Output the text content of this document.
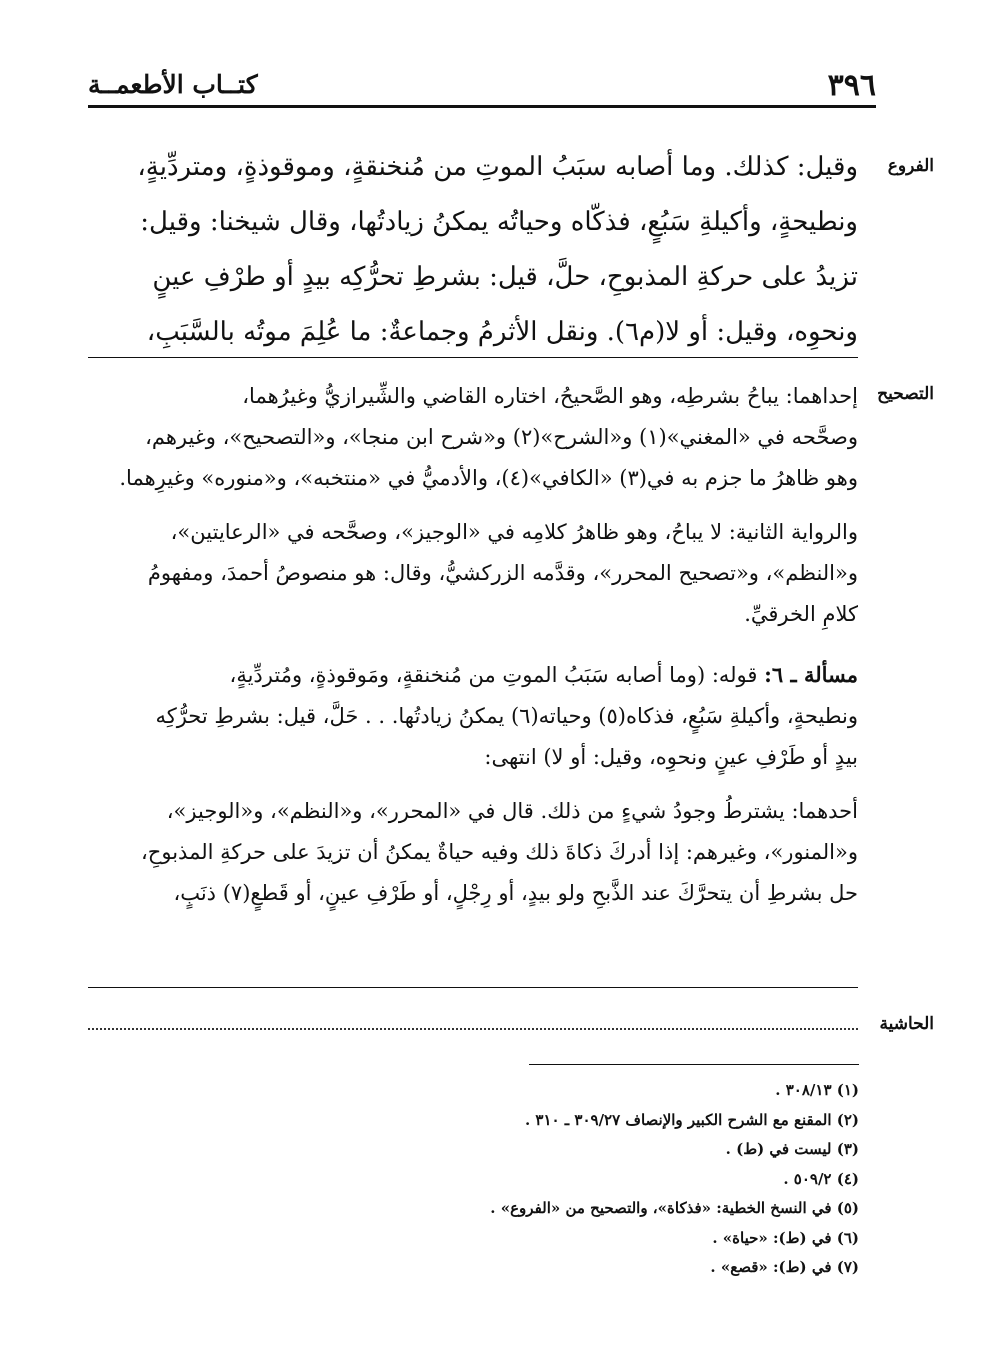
٣٩٦
كتــاب الأطعمــة
الفروع
وقيل: كذلك. وما أصابه سبَبُ الموتِ من مُنخنقةٍ، وموقوذةٍ، ومتردِّيةٍ،
ونطيحةٍ، وأكيلةِ سَبُعٍ، فذكّاه وحياتُه يمكنُ زيادتُها، وقال شيخنا: وقيل:
تزيدُ على حركةِ المذبوحِ، حلَّ، قيل: بشرطِ تحرُّكِه بيدٍ أو طرْفِ عينٍ
ونحوِه، وقيل: أو لا(م٦). ونقل الأثرمُ وجماعةٌ: ما عُلِمَ موتُه بالسَّبَبِ،
التصحيح

إحداهما: يباحُ بشرطِه، وهو الصَّحيحُ، اختاره القاضي والشِّيرازيُّ وغيرُهما،
وصحَّحه في «المغني»(١) و«الشرح»(٢) و«شرح ابن منجا»، و«التصحيح»، وغيرهم،
وهو ظاهرُ ما جزم به في(٣) «الكافي»(٤)، والأدميُّ في «منتخبه»، و«منوره» وغيرِهما.

والرواية الثانية: لا يباحُ، وهو ظاهرُ كلامِه في «الوجيز»، وصحَّحه في «الرعايتين»،
و«النظم»، و«تصحيح المحرر»، وقدَّمه الزركشيُّ، وقال: هو منصوصُ أحمدَ، ومفهومُ
كلامِ الخرقيِّ.

مسألة ـ ٦: قوله: (وما أصابه سَبَبُ الموتِ من مُنخنقةٍ، ومَوقوذةٍ، ومُتردِّيةٍ،
ونطيحةٍ، وأكيلةِ سَبُعٍ، فذكاه(٥) وحياته(٦) يمكنُ زيادتُها. . . حَلَّ، قيل: بشرطِ تحرُّكِه
بيدٍ أو طَرْفِ عينٍ ونحوِه، وقيل: أو لا) انتهى:

أحدهما: يشترطُ وجودُ شيءٍ من ذلك. قال في «المحرر»، و«النظم»، و«الوجيز»،
و«المنور»، وغيرهم: إذا أدركَ ذكاةَ ذلك وفيه حياةٌ يمكنُ أن تزيدَ على حركةِ المذبوحِ،
حل بشرطِ أن يتحرَّكَ عند الذَّبحِ ولو بيدٍ، أو رِجْلٍ، أو طَرْفِ عينٍ، أو قَطعٍ(٧) ذنَبٍ،

الحاشية
(١) ٣٠٨/١٣ .
(٢) المقنع مع الشرح الكبير والإنصاف ٣٠٩/٢٧ ـ ٣١٠ .
(٣) ليست في (ط) .
(٤) ٥٠٩/٢ .
(٥) في النسخ الخطية: «فذكاة»، والتصحيح من «الفروع» .
(٦) في (ط): «حياة» .
(٧) في (ط): «قصع» .
